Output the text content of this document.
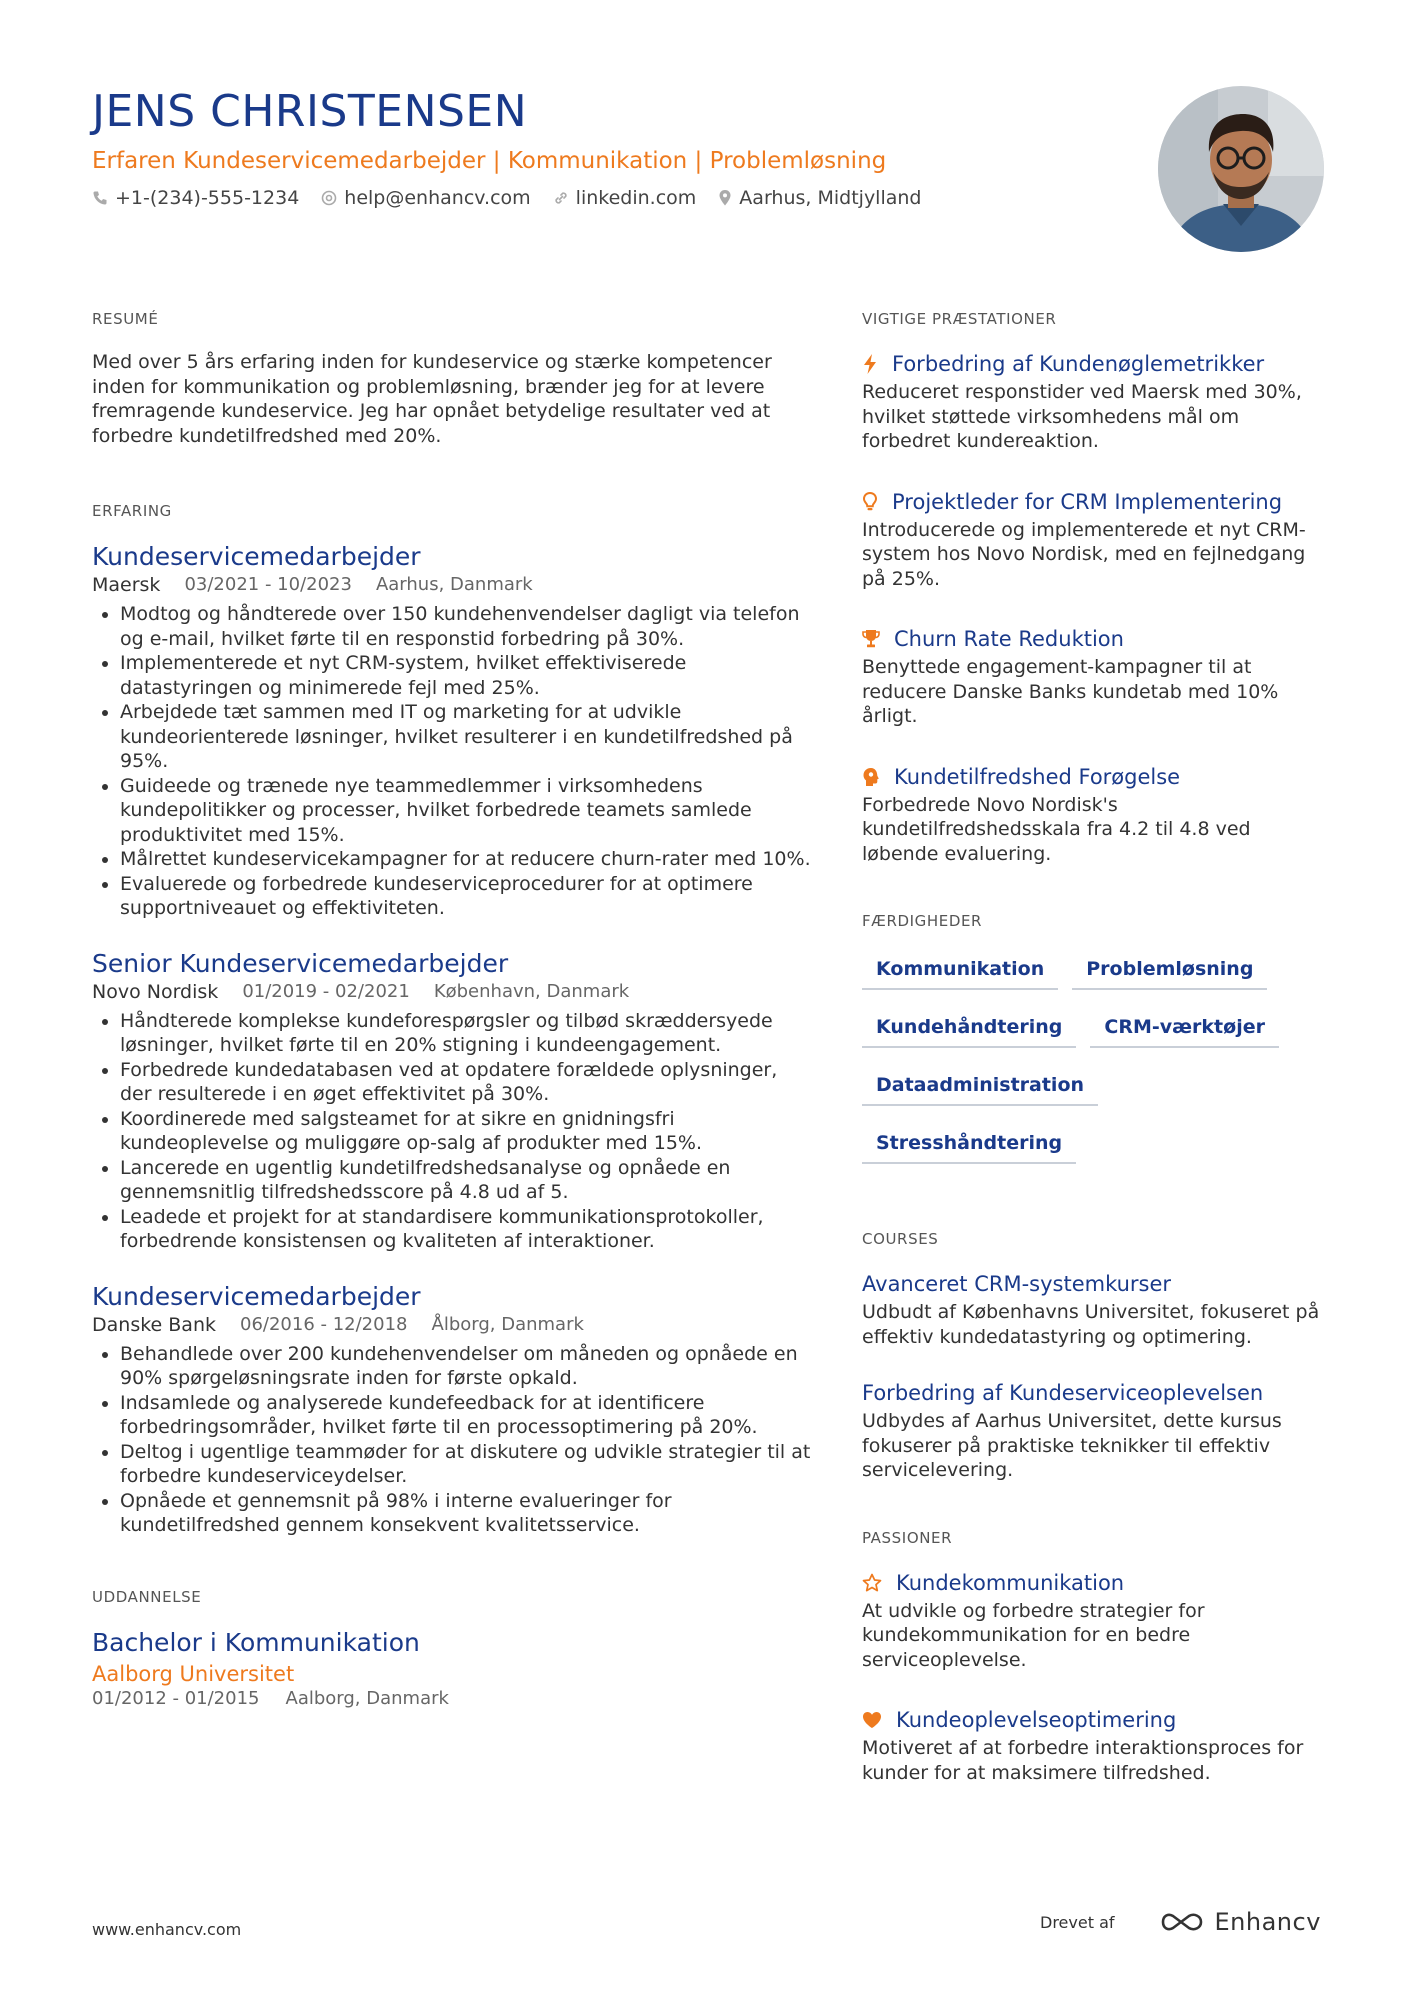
JENS CHRISTENSEN
Erfaren Kundeservicemedarbejder | Kommunikation | Problemløsning
+1-(234)-555-1234 help@enhancv.com linkedin.com Aarhus, Midtjylland
RESUMÉ

Med over 5 års erfaring inden for kundeservice og stærke kompetencer inden for kommunikation og problemløsning, brænder jeg for at levere fremragende kundeservice. Jeg har opnået betydelige resultater ved at forbedre kundetilfredshed med 20%.

ERFARING
Kundeservicemedarbejder
Maersk 03/2021 - 10/2023 Aarhus, Danmark
• Modtog og håndterede over 150 kundehenvendelser dagligt via telefon og e-mail, hvilket førte til en responstid forbedring på 30%.
• Implementerede et nyt CRM-system, hvilket effektiviserede datastyringen og minimerede fejl med 25%.
• Arbejdede tæt sammen med IT og marketing for at udvikle kundeorienterede løsninger, hvilket resulterer i en kundetilfredshed på 95%.
• Guideede og trænede nye teammedlemmer i virksomhedens kundepolitikker og processer, hvilket forbedrede teamets samlede produktivitet med 15%.
• Målrettet kundeservicekampagner for at reducere churn-rater med 10%.
• Evaluerede og forbedrede kundeserviceprocedurer for at optimere supportniveauet og effektiviteten.
Senior Kundeservicemedarbejder
Novo Nordisk 01/2019 - 02/2021 København, Danmark
• Håndterede komplekse kundeforespørgsler og tilbød skræddersyede løsninger, hvilket førte til en 20% stigning i kundeengagement.
• Forbedrede kundedatabasen ved at opdatere forældede oplysninger, der resulterede i en øget effektivitet på 30%.
• Koordinerede med salgsteamet for at sikre en gnidningsfri kundeoplevelse og muliggøre op-salg af produkter med 15%.
• Lancerede en ugentlig kundetilfredshedsanalyse og opnåede en gennemsnitlig tilfredshedsscore på 4.8 ud af 5.
• Leadede et projekt for at standardisere kommunikationsprotokoller, forbedrende konsistensen og kvaliteten af interaktioner.
Kundeservicemedarbejder
Danske Bank 06/2016 - 12/2018 Ålborg, Danmark
• Behandlede over 200 kundehenvendelser om måneden og opnåede en 90% spørgeløsningsrate inden for første opkald.
• Indsamlede og analyserede kundefeedback for at identificere forbedringsområder, hvilket førte til en processoptimering på 20%.
• Deltog i ugentlige teammøder for at diskutere og udvikle strategier til at forbedre kundeserviceydelser.
• Opnåede et gennemsnit på 98% i interne evalueringer for kundetilfredshed gennem konsekvent kvalitetsservice.
UDDANNELSE
Bachelor i Kommunikation
Aalborg Universitet
01/2012 - 01/2015 Aalborg, Danmark
VIGTIGE PRÆSTATIONER
Forbedring af Kundenøglemetrikker
Reduceret responstider ved Maersk med 30%, hvilket støttede virksomhedens mål om forbedret kundereaktion.
Projektleder for CRM Implementering
Introducerede og implementerede et nyt CRM-system hos Novo Nordisk, med en fejlnedgang på 25%.
Churn Rate Reduktion
Benyttede engagement-kampagner til at reducere Danske Banks kundetab med 10% årligt.
Kundetilfredshed Forøgelse
Forbedrede Novo Nordisk's kundetilfredshedsskala fra 4.2 til 4.8 ved løbende evaluering.
FÆRDIGHEDER
Kommunikation	Problemløsning
Kundehåndtering	CRM-værktøjer
Dataadministration
Stresshåndtering
COURSES
Avanceret CRM-systemkurser
Udbudt af Københavns Universitet, fokuseret på effektiv kundedatastyring og optimering.
Forbedring af Kundeserviceoplevelsen
Udbydes af Aarhus Universitet, dette kursus fokuserer på praktiske teknikker til effektiv servicelevering.
PASSIONER
Kundekommunikation
At udvikle og forbedre strategier for kundekommunikation for en bedre serviceoplevelse.
Kundeoplevelseoptimering
Motiveret af at forbedre interaktionsproces for kunder for at maksimere tilfredshed.
www.enhancv.com	Drevet af	Enhancv
